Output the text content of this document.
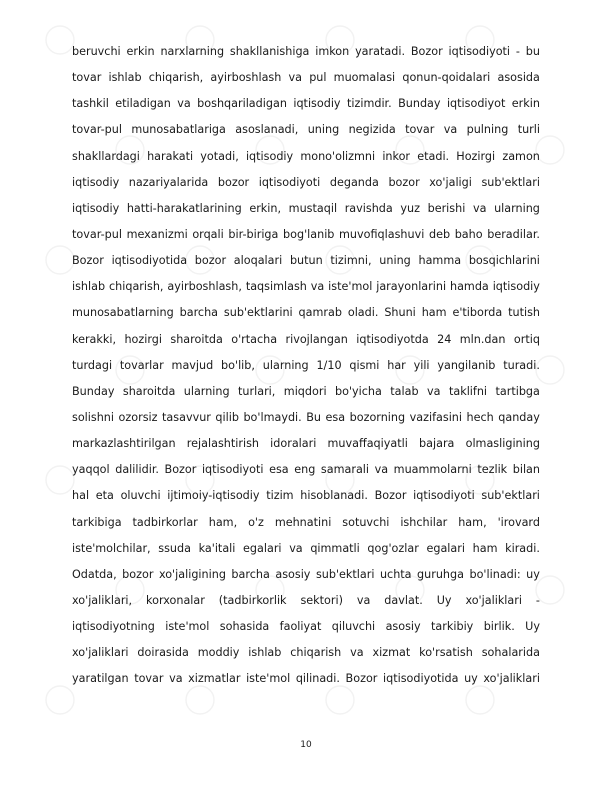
beruvchi erkin narxlarning shakllanishiga imkon yaratadi. Bozor iqtisodiyoti - bu
tovar ishlab chiqarish, ayirboshlash va pul muomalasi qonun-qoidalari asosida
tashkil etiladigan va boshqariladigan iqtisodiy tizimdir. Bunday iqtisodiyot erkin
tovar-pul munosabatlariga asoslanadi, uning negizida tovar va pulning turli
shakllardagi harakati yotadi, iqtisodiy mono'olizmni inkor etadi. Hozirgi zamon
iqtisodiy nazariyalarida bozor iqtisodiyoti deganda bozor xo'jaligi sub'ektlari
iqtisodiy hatti-harakatlarining erkin, mustaqil ravishda yuz berishi va ularning
tovar-pul mexanizmi orqali bir-biriga bog'lanib muvofiqlashuvi deb baho beradilar.
Bozor iqtisodiyotida bozor aloqalari butun tizimni, uning hamma bosqichlarini
ishlab chiqarish, ayirboshlash, taqsimlash va iste'mol jarayonlarini hamda iqtisodiy
munosabatlarning barcha sub'ektlarini qamrab oladi. Shuni ham e'tiborda tutish
kerakki, hozirgi sharoitda o'rtacha rivojlangan iqtisodiyotda 24 mln.dan ortiq
turdagi tovarlar mavjud bo'lib, ularning 1/10 qismi har yili yangilanib turadi.
Bunday sharoitda ularning turlari, miqdori bo'yicha talab va taklifni tartibga
solishni ozorsiz tasavvur qilib bo'lmaydi. Bu esa bozorning vazifasini hech qanday
markazlashtirilgan rejalashtirish idoralari muvaffaqiyatli bajara olmasligining
yaqqol dalilidir. Bozor iqtisodiyoti esa eng samarali va muammolarni tezlik bilan
hal eta oluvchi ijtimoiy-iqtisodiy tizim hisoblanadi. Bozor iqtisodiyoti sub'ektlari
tarkibiga tadbirkorlar ham, o'z mehnatini sotuvchi ishchilar ham, 'irovard
iste'molchilar, ssuda ka'itali egalari va qimmatli qog'ozlar egalari ham kiradi.
Odatda, bozor xo'jaligining barcha asosiy sub'ektlari uchta guruhga bo'linadi: uy
xo'jaliklari, korxonalar (tadbirkorlik sektori) va davlat. Uy xo'jaliklari -
iqtisodiyotning iste'mol sohasida faoliyat qiluvchi asosiy tarkibiy birlik. Uy
xo'jaliklari doirasida moddiy ishlab chiqarish va xizmat ko'rsatish sohalarida
yaratilgan tovar va xizmatlar iste'mol qilinadi. Bozor iqtisodiyotida uy xo'jaliklari
10
